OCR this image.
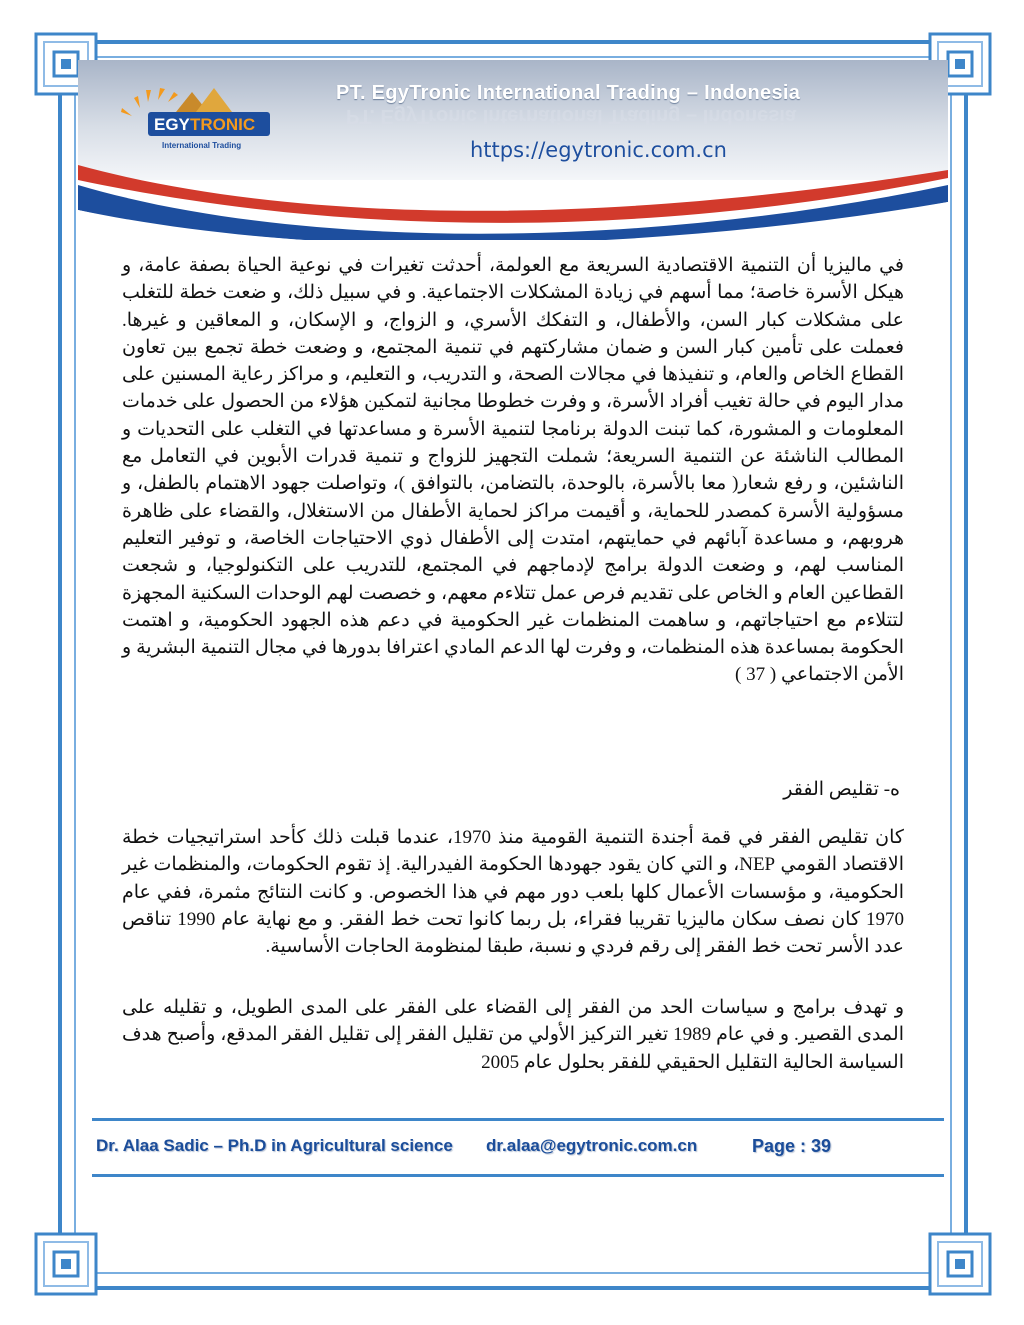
EGY TRONIC
International Trading
PT. EgyTronic International Trading – Indonesia
PT. EgyTronic International Trading – Indonesia
https://egytronic.com.cn

في ماليزيا أن التنمية الاقتصادية السريعة مع العولمة، أحدثت تغيرات في نوعية الحياة بصفة عامة، و هيكل الأسرة خاصة؛ مما أسهم في زيادة المشكلات الاجتماعية. و في سبيل ذلك، و ضعت خطة للتغلب على مشكلات كبار السن، والأطفال، و التفكك الأسري، و الزواج، و الإسكان، و المعاقين و غيرها. فعملت على تأمين كبار السن و ضمان مشاركتهم في تنمية المجتمع، و وضعت خطة تجمع بين تعاون القطاع الخاص والعام، و تنفيذها في مجالات الصحة، و التدريب، و التعليم، و مراكز رعاية المسنين على مدار اليوم في حالة تغيب أفراد الأسرة، و وفرت خطوطا مجانية لتمكين هؤلاء من الحصول على خدمات المعلومات و المشورة، كما تبنت الدولة برنامجا لتنمية الأسرة و مساعدتها في التغلب على التحديات و المطالب الناشئة عن التنمية السريعة؛ شملت التجهيز للزواج و تنمية قدرات الأبوين في التعامل مع الناشئين، و رفع شعار( معا بالأسرة، بالوحدة، بالتضامن، بالتوافق )، وتواصلت جهود الاهتمام بالطفل، و مسؤولية الأسرة كمصدر للحماية، و أقيمت مراكز لحماية الأطفال من الاستغلال، والقضاء على ظاهرة هروبهم، و مساعدة آبائهم في حمايتهم، امتدت إلى الأطفال ذوي الاحتياجات الخاصة، و توفير التعليم المناسب لهم، و وضعت الدولة برامج لإدماجهم في المجتمع، للتدريب على التكنولوجيا، و شجعت القطاعين العام و الخاص على تقديم فرص عمل تتلاءم معهم، و خصصت لهم الوحدات السكنية المجهزة لتتلاءم مع احتياجاتهم، و ساهمت المنظمات غير الحكومية في دعم هذه الجهود الحكومية، و اهتمت الحكومة بمساعدة هذه المنظمات، و وفرت لها الدعم المادي اعترافا بدورها في مجال التنمية البشرية و الأمن الاجتماعي ( 37 )

ه- تقليص الفقر

كان تقليص الفقر في قمة أجندة التنمية القومية منذ 1970، عندما قبلت ذلك كأحد استراتيجيات خطة الاقتصاد القومي NEP، و التي كان يقود جهودها الحكومة الفيدرالية. إذ تقوم الحكومات، والمنظمات غير الحكومية، و مؤسسات الأعمال كلها بلعب دور مهم في هذا الخصوص. و كانت النتائج مثمرة، ففي عام 1970 كان نصف سكان ماليزيا تقريبا فقراء، بل ربما كانوا تحت خط الفقر. و مع نهاية عام 1990 تناقص عدد الأسر تحت خط الفقر إلى رقم فردي و نسبة، طبقا لمنظومة الحاجات الأساسية.

و تهدف برامج و سياسات الحد من الفقر إلى القضاء على الفقر على المدى الطويل، و تقليله على المدى القصير. و في عام 1989 تغير التركيز الأولي من تقليل الفقر إلى تقليل الفقر المدقع، وأصبح هدف السياسة الحالية التقليل الحقيقي للفقر بحلول عام 2005

Dr. Alaa Sadic – Ph.D in Agricultural science dr.alaa@egytronic.com.cn	Page : 39
